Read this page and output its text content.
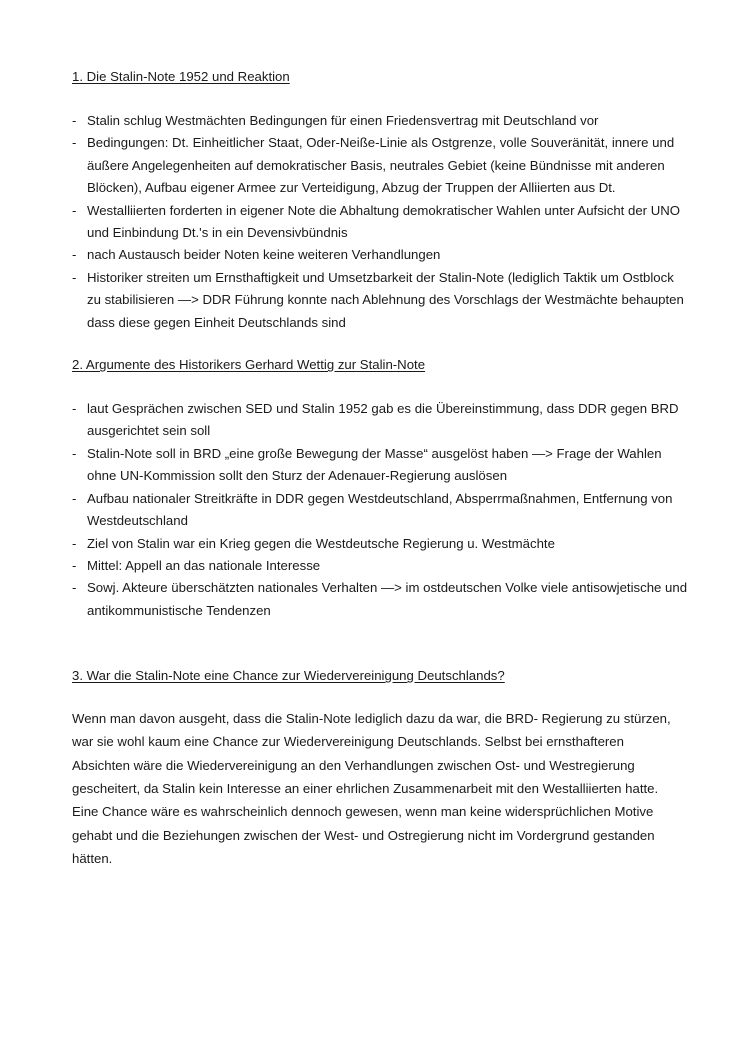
1. Die Stalin-Note 1952 und Reaktion
- Stalin schlug Westmächten Bedingungen für einen Friedensvertrag mit Deutschland vor
- Bedingungen: Dt. Einheitlicher Staat, Oder-Neiße-Linie als Ostgrenze, volle Souveränität, innere und äußere Angelegenheiten auf demokratischer Basis, neutrales Gebiet (keine Bündnisse mit anderen Blöcken), Aufbau eigener Armee zur Verteidigung, Abzug der Truppen der Alliierten aus Dt.
- Westalliierten forderten in eigener Note die Abhaltung demokratischer Wahlen unter Aufsicht der UNO und Einbindung Dt.'s in ein Devensivbündnis
- nach Austausch beider Noten keine weiteren Verhandlungen
- Historiker streiten um Ernsthaftigkeit und Umsetzbarkeit der Stalin-Note (lediglich Taktik um Ostblock zu stabilisieren —> DDR Führung konnte nach Ablehnung des Vorschlags der Westmächte behaupten dass diese gegen Einheit Deutschlands sind
2. Argumente des Historikers Gerhard Wettig zur Stalin-Note
- laut Gesprächen zwischen SED und Stalin 1952 gab es die Übereinstimmung, dass DDR gegen BRD ausgerichtet sein soll
- Stalin-Note soll in BRD „eine große Bewegung der Masse“ ausgelöst haben —> Frage der Wahlen ohne UN-Kommission sollt den Sturz der Adenauer-Regierung auslösen
- Aufbau nationaler Streitkräfte in DDR gegen Westdeutschland, Absperrmaßnahmen, Entfernung von Westdeutschland
- Ziel von Stalin war ein Krieg gegen die Westdeutsche Regierung u. Westmächte
- Mittel: Appell an das nationale Interesse
- Sowj. Akteure überschätzten nationales Verhalten —> im ostdeutschen Volke viele antisowjetische und antikommunistische Tendenzen
3. War die Stalin-Note eine Chance zur Wiedervereinigung Deutschlands?

Wenn man davon ausgeht, dass die Stalin-Note lediglich dazu da war, die BRD- Regierung zu stürzen, war sie wohl kaum eine Chance zur Wiedervereinigung Deutschlands. Selbst bei ernsthafteren Absichten wäre die Wiedervereinigung an den Verhandlungen zwischen Ost- und Westregierung gescheitert, da Stalin kein Interesse an einer ehrlichen Zusammenarbeit mit den Westalliierten hatte. Eine Chance wäre es wahrscheinlich dennoch gewesen, wenn man keine widersprüchlichen Motive gehabt und die Beziehungen zwischen der West- und Ostregierung nicht im Vordergrund gestanden hätten.
